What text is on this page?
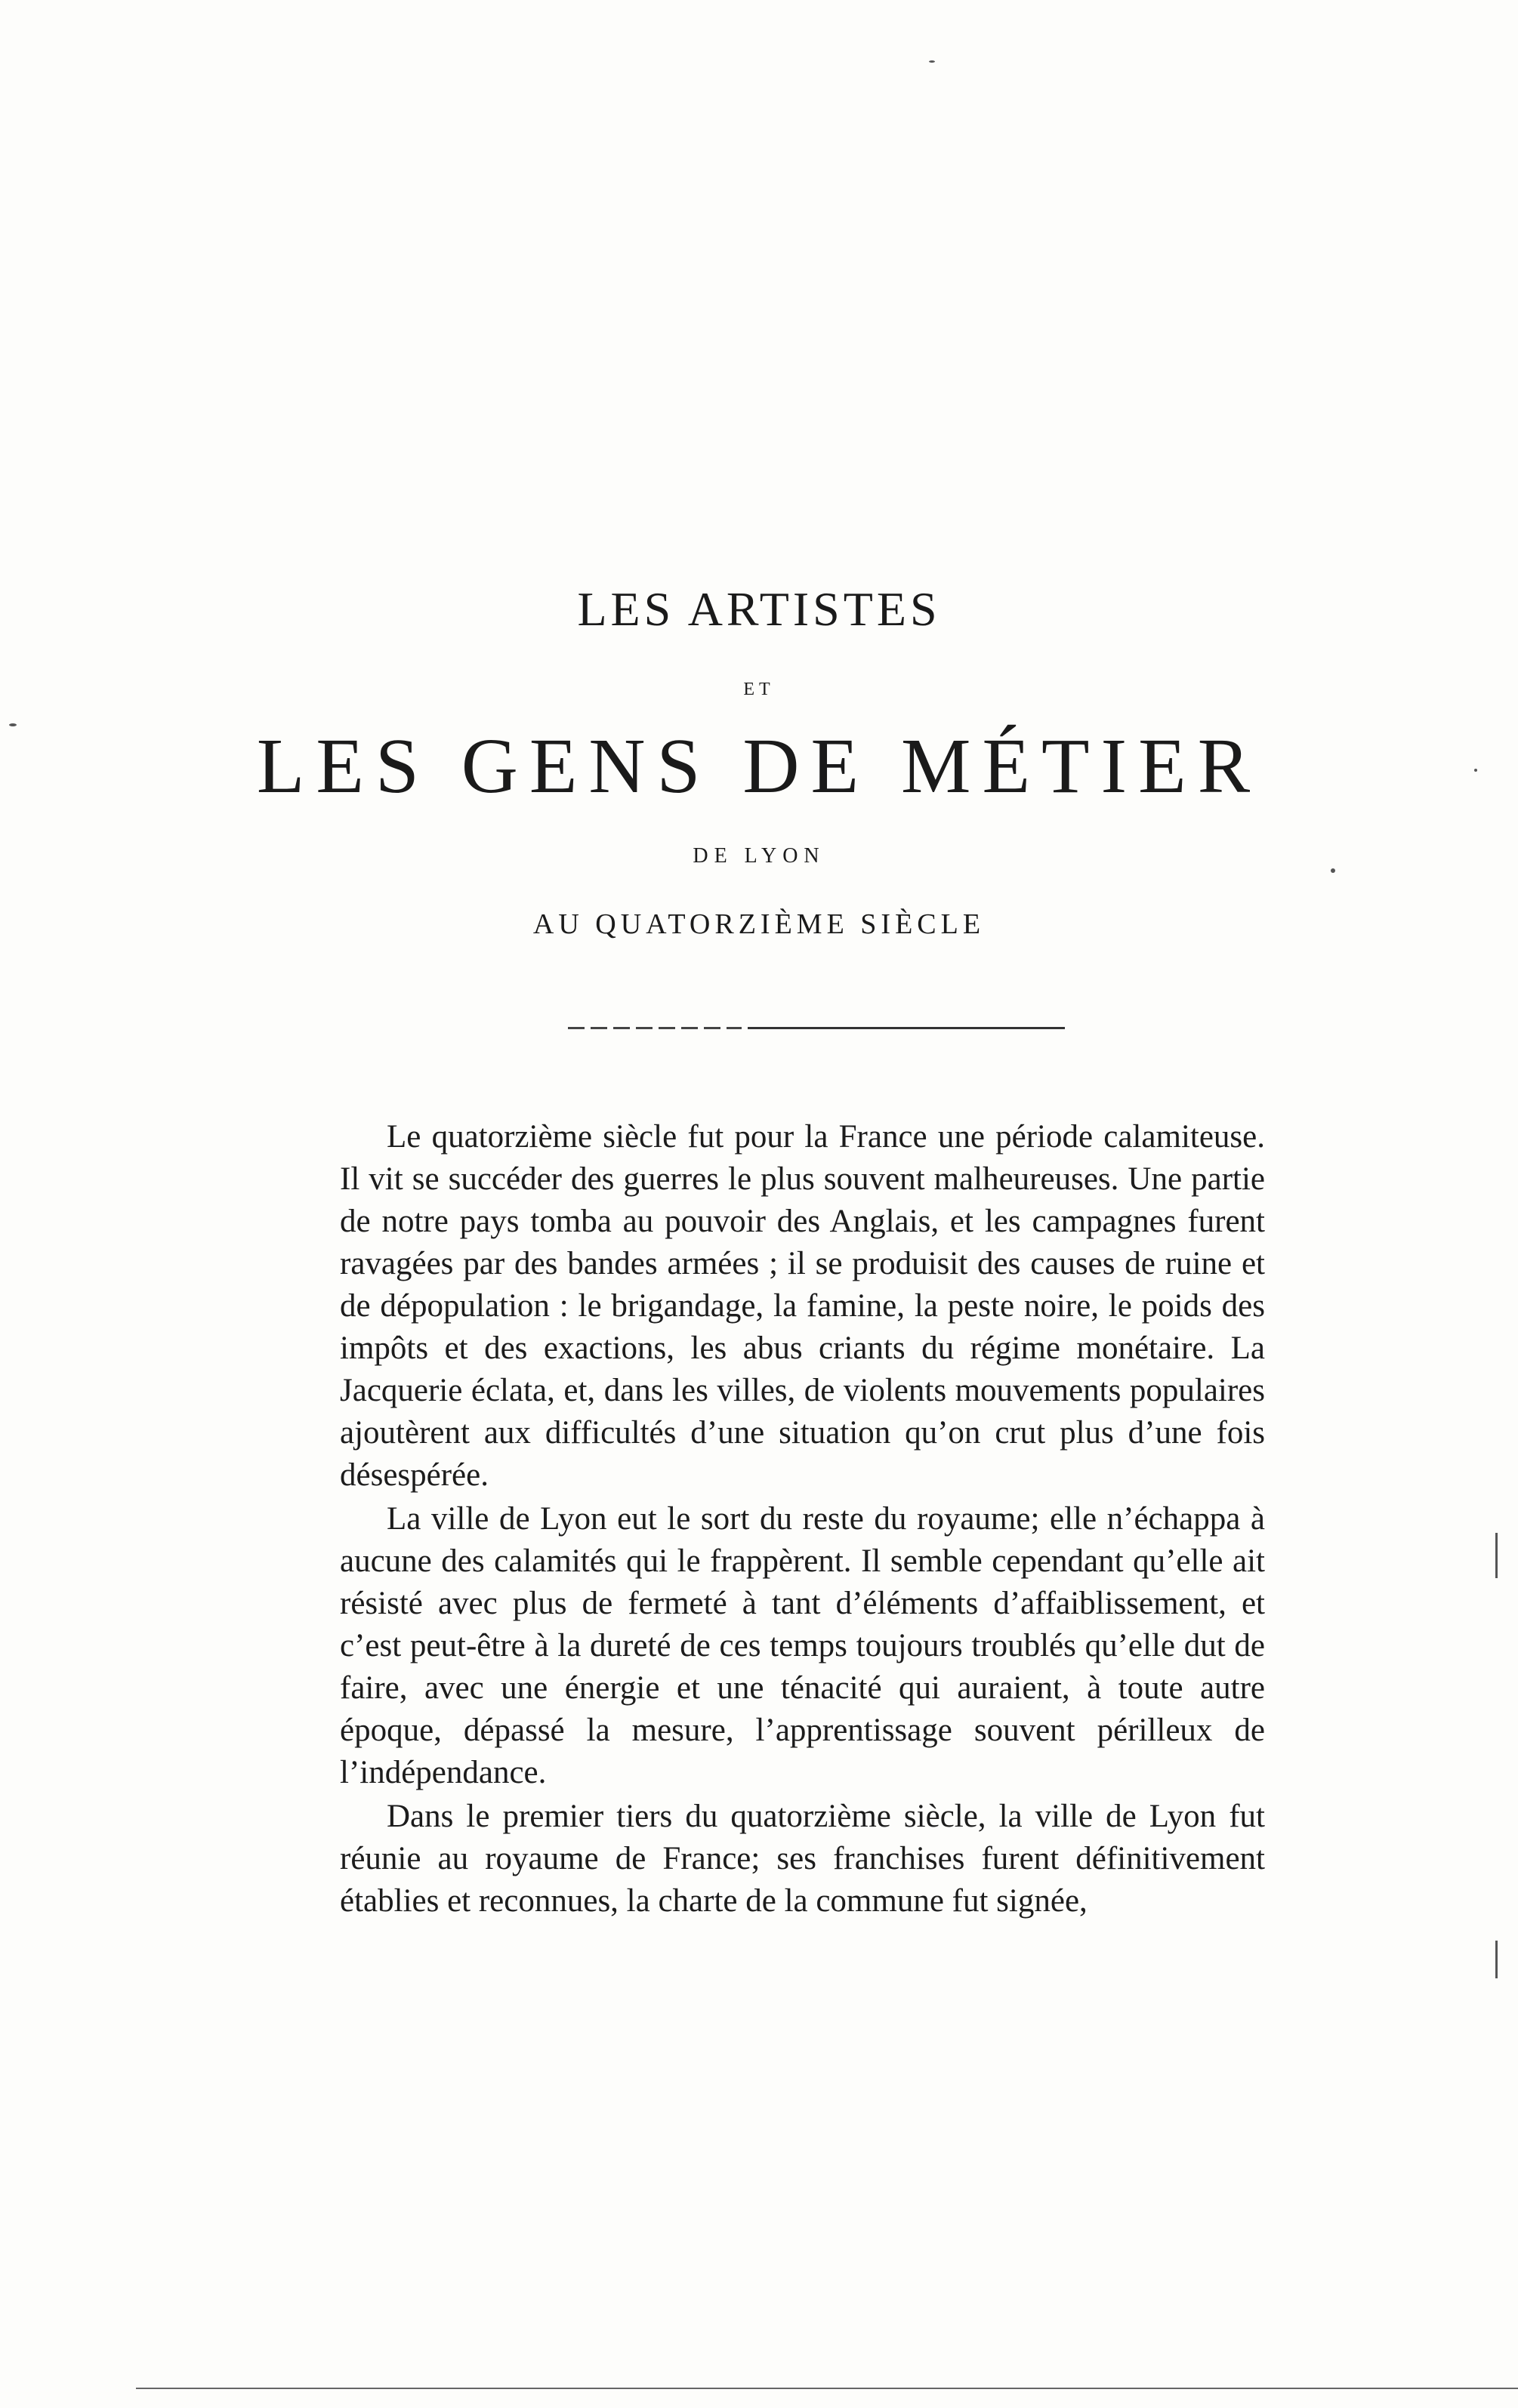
LES ARTISTES
ET
LES GENS DE MÉTIER
DE LYON
AU QUATORZIÈME SIÈCLE

Le quatorzième siècle fut pour la France une période calamiteuse. Il vit se succéder des guerres le plus souvent malheureuses. Une partie de notre pays tomba au pouvoir des Anglais, et les campagnes furent ravagées par des bandes armées ; il se produisit des causes de ruine et de dépopulation : le brigandage, la famine, la peste noire, le poids des impôts et des exactions, les abus criants du régime monétaire. La Jacquerie éclata, et, dans les villes, de violents mouvements populaires ajoutèrent aux difficultés d’une situation qu’on crut plus d’une fois désespérée.

La ville de Lyon eut le sort du reste du royaume; elle n’échappa à aucune des calamités qui le frappèrent. Il semble cependant qu’elle ait résisté avec plus de fermeté à tant d’éléments d’affaiblissement, et c’est peut-être à la dureté de ces temps toujours troublés qu’elle dut de faire, avec une énergie et une ténacité qui auraient, à toute autre époque, dépassé la mesure, l’apprentissage souvent périlleux de l’indépendance.

Dans le premier tiers du quatorzième siècle, la ville de Lyon fut réunie au royaume de France; ses franchises furent définitivement établies et reconnues, la charte de la commune fut signée,
